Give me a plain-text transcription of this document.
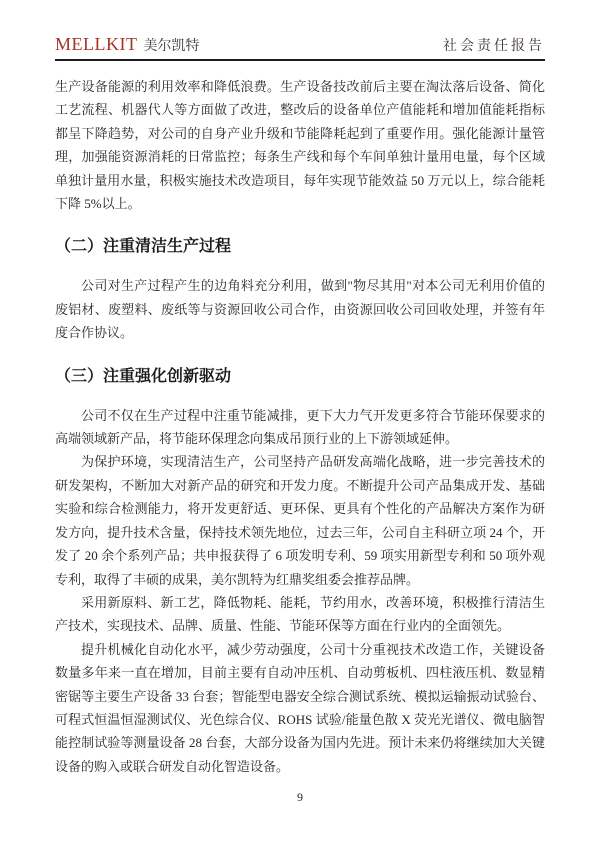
MELLKIT 美尔凯特	社会责任报告

生产设备能源的利用效率和降低浪费。生产设备技改前后主要在淘汰落后设备、简化工艺流程、机器代人等方面做了改进，整改后的设备单位产值能耗和增加值能耗指标都呈下降趋势，对公司的自身产业升级和节能降耗起到了重要作用。强化能源计量管理，加强能资源消耗的日常监控；每条生产线和每个车间单独计量用电量，每个区域单独计量用水量，积极实施技术改造项目，每年实现节能效益 50 万元以上，综合能耗下降 5%以上。

（二）注重清洁生产过程

公司对生产过程产生的边角料充分利用，做到"物尽其用"对本公司无利用价值的废铝材、废塑料、废纸等与资源回收公司合作，由资源回收公司回收处理，并签有年度合作协议。

（三）注重强化创新驱动

公司不仅在生产过程中注重节能减排，更下大力气开发更多符合节能环保要求的高端领域新产品，将节能环保理念向集成吊顶行业的上下游领域延伸。

为保护环境，实现清洁生产，公司坚持产品研发高端化战略，进一步完善技术的研发架构，不断加大对新产品的研究和开发力度。不断提升公司产品集成开发、基础实验和综合检测能力，将开发更舒适、更环保、更具有个性化的产品解决方案作为研发方向，提升技术含量，保持技术领先地位，过去三年，公司自主科研立项 24 个，开发了 20 余个系列产品；共申报获得了 6 项发明专利、59 项实用新型专利和 50 项外观专利，取得了丰硕的成果，美尔凯特为红鼎奖组委会推荐品牌。

采用新原料、新工艺，降低物耗、能耗，节约用水，改善环境，积极推行清洁生产技术，实现技术、品牌、质量、性能、节能环保等方面在行业内的全面领先。

提升机械化自动化水平，减少劳动强度，公司十分重视技术改造工作，关键设备数量多年来一直在增加，目前主要有自动冲压机、自动剪板机、四柱液压机、数显精密锯等主要生产设备 33 台套；智能型电器安全综合测试系统、模拟运输振动试验台、可程式恒温恒湿测试仪、光色综合仪、ROHS 试验/能量色散 X 荧光光谱仪、微电脑智能控制试验等测量设备 28 台套，大部分设备为国内先进。预计未来仍将继续加大关键设备的购入或联合研发自动化智造设备。

9
